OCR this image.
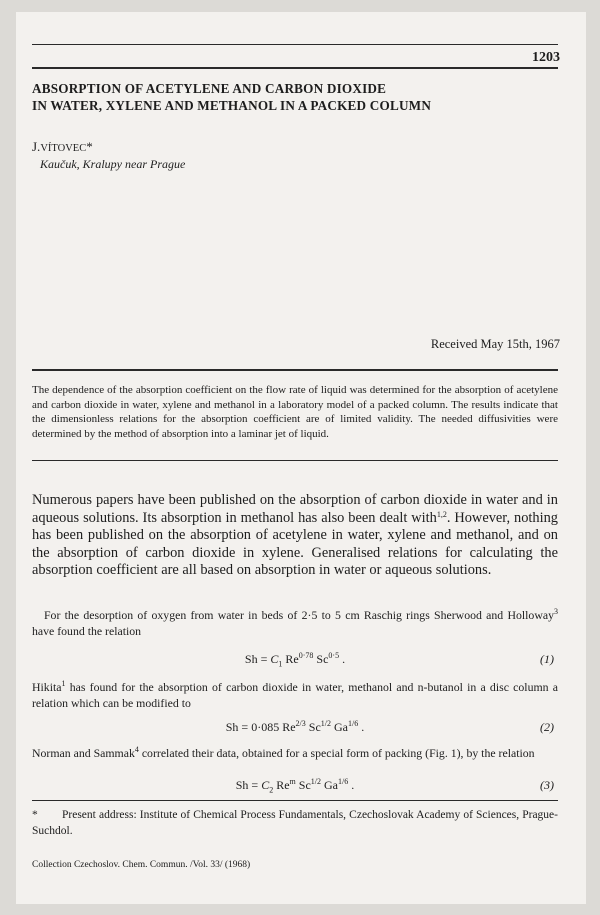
1203
ABSORPTION OF ACETYLENE AND CARBON DIOXIDE
IN WATER, XYLENE AND METHANOL IN A PACKED COLUMN
J.VÍTOVEC*
Kaučuk, Kralupy near Prague
Received May 15th, 1967
The dependence of the absorption coefficient on the flow rate of liquid was determined for the absorption of acetylene and carbon dioxide in water, xylene and methanol in a laboratory model of a packed column. The results indicate that the dimensionless relations for the absorption coefficient are of limited validity. The needed diffusivities were determined by the method of absorption into a laminar jet of liquid.
Numerous papers have been published on the absorption of carbon dioxide in water and in aqueous solutions. Its absorption in methanol has also been dealt with$^{1,2}$. However, nothing has been published on the absorption of acetylene in water, xylene and methanol, and on the absorption of carbon dioxide in xylene. Generalised relations for calculating the absorption coefficient are all based on absorption in water or aqueous solutions.
For the desorption of oxygen from water in beds of 2·5 to 5 cm Raschig rings Sherwood and Holloway$^3$ have found the relation
$Sh = C_1$ $Re^{0\cdot 78}$ $Sc^{0\cdot 5}$ .	(1)
Hikita$^1$ has found for the absorption of carbon dioxide in water, methanol and n-butanol in a disc column a relation which can be modified to
Sh = 0·085 $Re^{2/3}$ $Sc^{1/2}$ $Ga^{1/6}$ .	(2)
Norman and Sammak$^4$ correlated their data, obtained for a special form of packing (Fig. 1), by the relation
$Sh = C_2$ Re$^m$ $Sc^{1/2}$ $Ga^{1/6}$ .	(3)
* Present address: Institute of Chemical Process Fundamentals, Czechoslovak Academy of Sciences, Prague-Suchdol.
Collection Czechoslov. Chem. Commun. /Vol. 33/ (1968)
